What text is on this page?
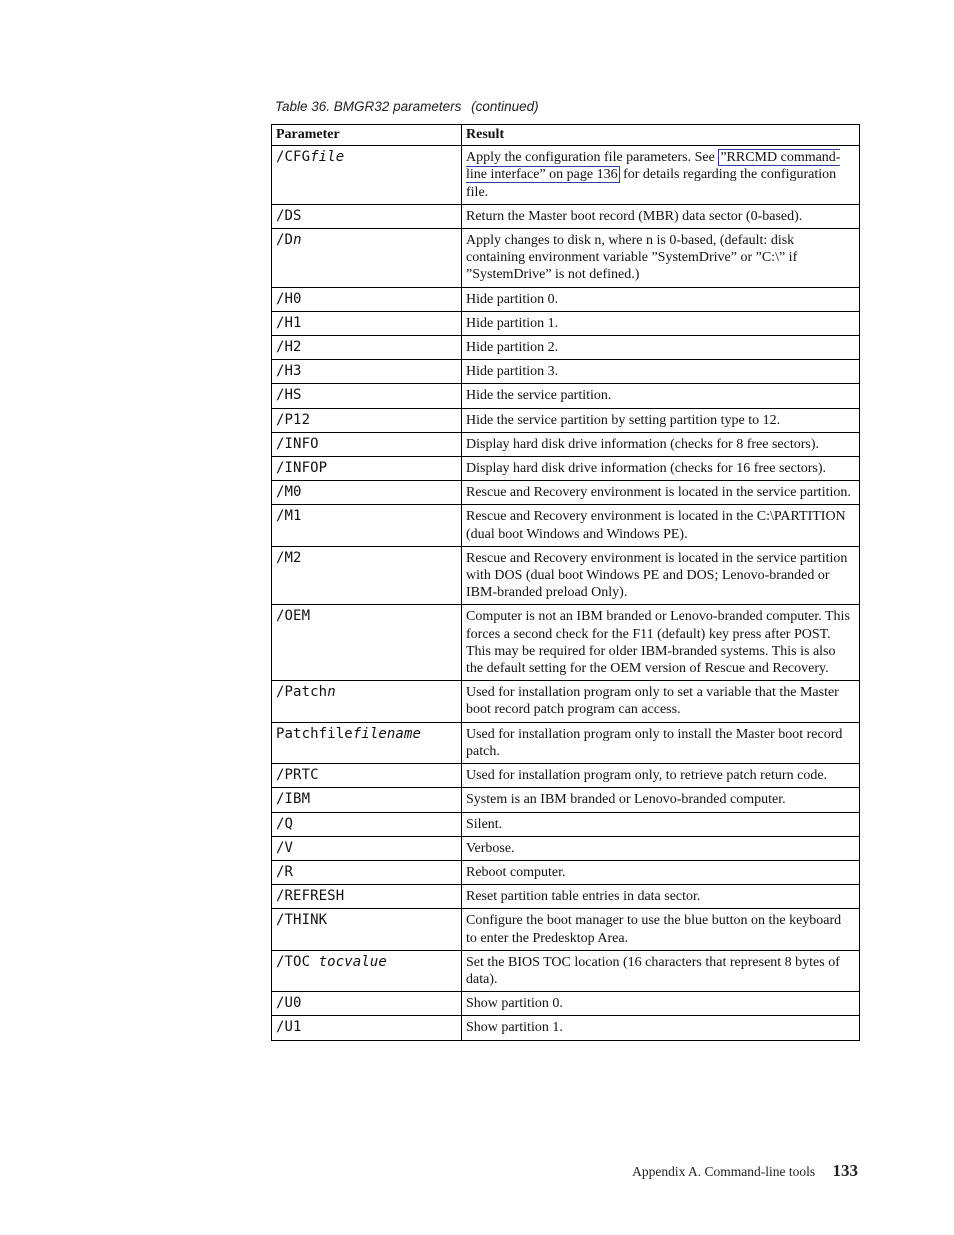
Table 36. BMGR32 parameters (continued)
Parameter	Result
/CFGfile	Apply the configuration file parameters. See ”RRCMD command-line interface” on page 136 for details regarding the configuration file.
/DS	Return the Master boot record (MBR) data sector (0-based).
/Dn	Apply changes to disk n, where n is 0-based, (default: disk containing environment variable ”SystemDrive” or ”C:\” if ”SystemDrive” is not defined.)
/H0	Hide partition 0.
/H1	Hide partition 1.
/H2	Hide partition 2.
/H3	Hide partition 3.
/HS	Hide the service partition.
/P12	Hide the service partition by setting partition type to 12.
/INFO	Display hard disk drive information (checks for 8 free sectors).
/INFOP	Display hard disk drive information (checks for 16 free sectors).
/M0	Rescue and Recovery environment is located in the service partition.
/M1	Rescue and Recovery environment is located in the C:\PARTITION (dual boot Windows and Windows PE).
/M2	Rescue and Recovery environment is located in the service partition with DOS (dual boot Windows PE and DOS; Lenovo-branded or IBM-branded preload Only).
/OEM	Computer is not an IBM branded or Lenovo-branded computer. This forces a second check for the F11 (default) key press after POST. This may be required for older IBM-branded systems. This is also the default setting for the OEM version of Rescue and Recovery.
/Patchn	Used for installation program only to set a variable that the Master boot record patch program can access.
Patchfilefilename	Used for installation program only to install the Master boot record patch.
/PRTC	Used for installation program only, to retrieve patch return code.
/IBM	System is an IBM branded or Lenovo-branded computer.
/Q	Silent.
/V	Verbose.
/R	Reboot computer.
/REFRESH	Reset partition table entries in data sector.
/THINK	Configure the boot manager to use the blue button on the keyboard to enter the Predesktop Area.
/TOC tocvalue	Set the BIOS TOC location (16 characters that represent 8 bytes of data).
/U0	Show partition 0.
/U1	Show partition 1.
Appendix A. Command-line tools 133
